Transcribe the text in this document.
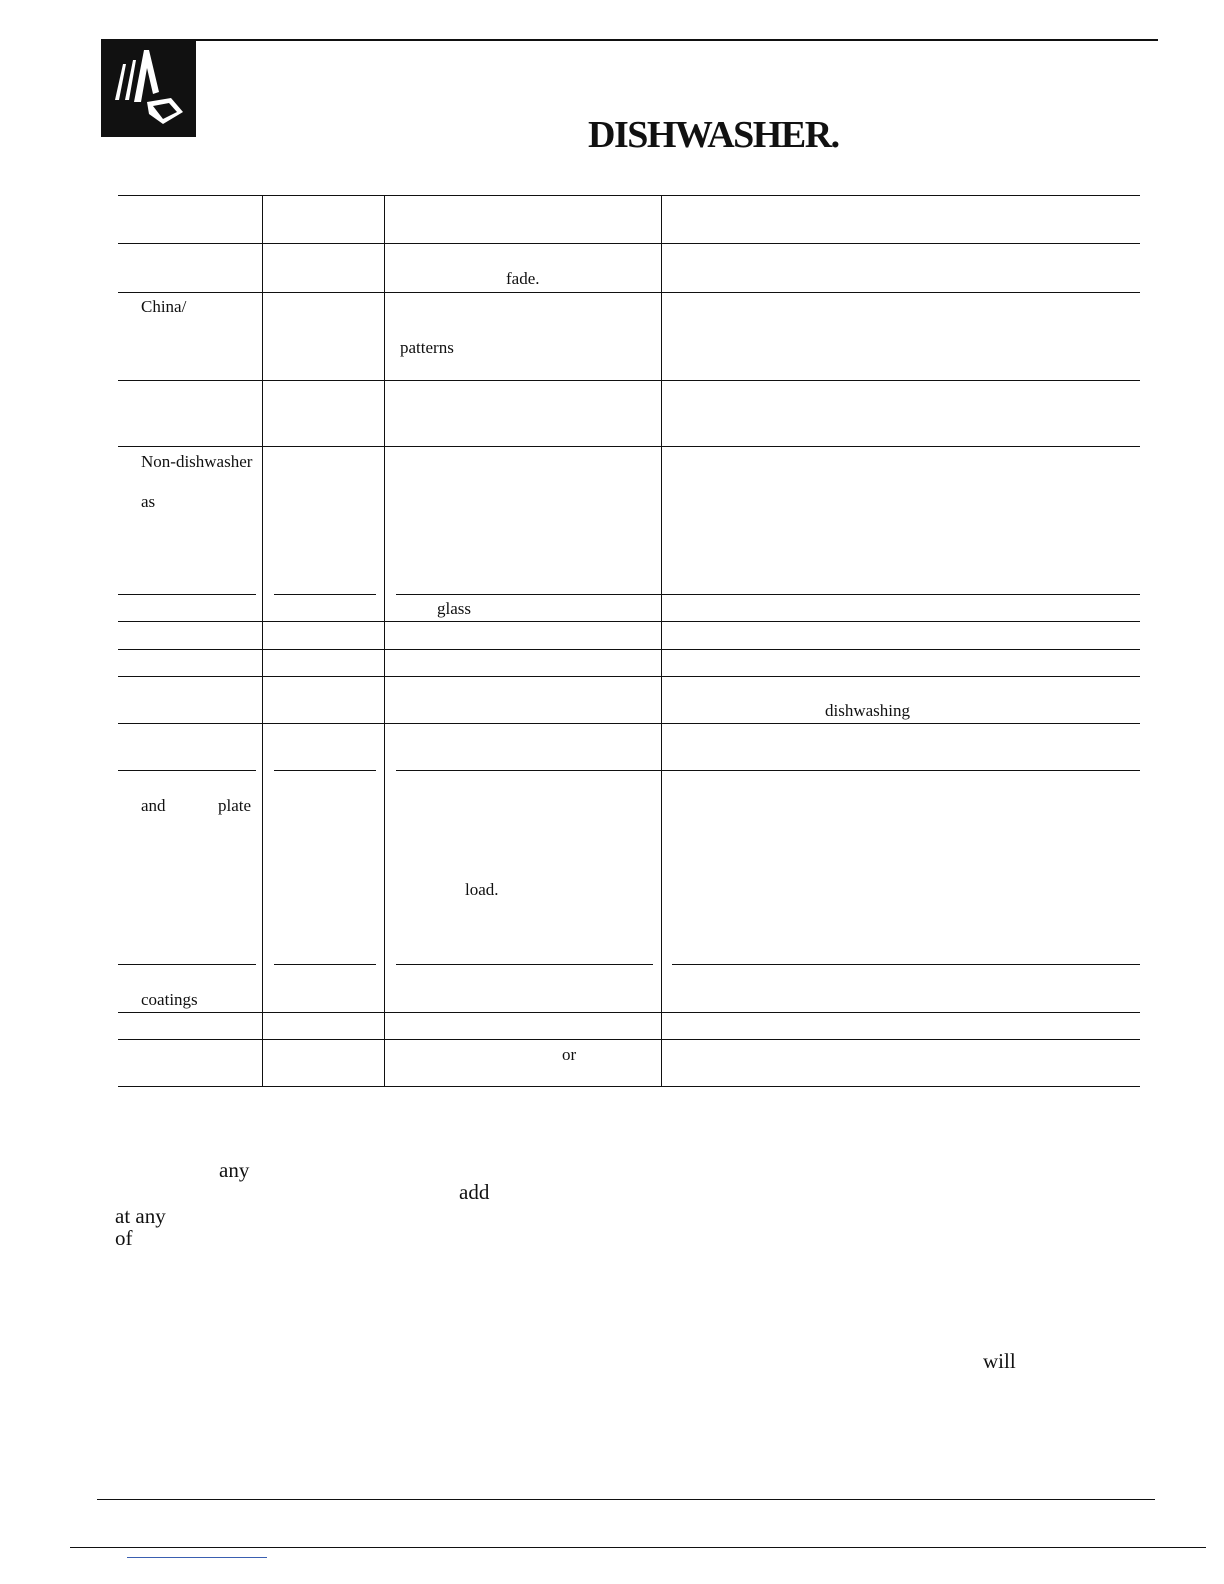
DISHWASHER.
fade.
China/
patterns
Non-dishwasher
as
glass
dishwashing
and	plate
load.
coatings
or
any
add
at any
of
will
